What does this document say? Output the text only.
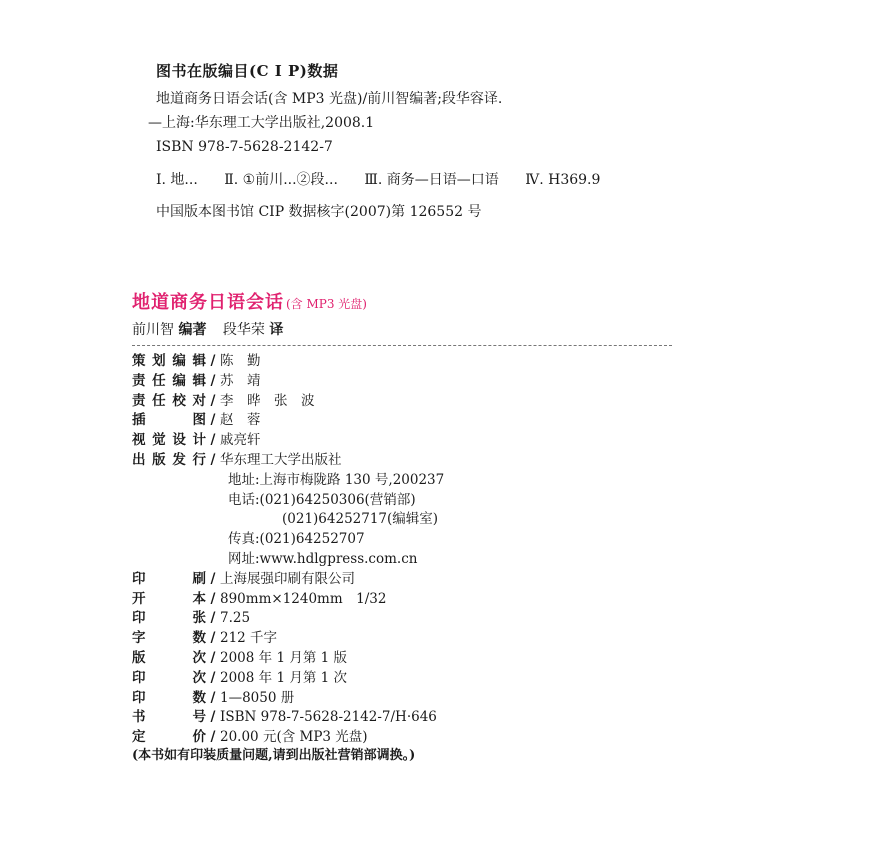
图书在版编目(C I P)数据
地道商务日语会话(含 MP3 光盘)/前川智编著;段华容译.
—上海:华东理工大学出版社,2008.1
ISBN 978-7-5628-2142-7
Ⅰ. 地... Ⅱ. ①前川...②段... Ⅲ. 商务—日语—口语 Ⅳ. H369.9
中国版本图书馆 CIP 数据核字(2007)第 126552 号
地道商务日语会话 (含 MP3 光盘)
前川智 编著 段华荣 译
策划编辑 / 陈　勤
责任编辑 / 苏　靖
责任校对 / 李　晔　张　波
插　　图 / 赵　蓉
视觉设计 / 戚亮轩
出版发行 / 华东理工大学出版社
地址:上海市梅陇路 130 号,200237
电话:(021)64250306(营销部)
(021)64252717(编辑室)
传真:(021)64252707
网址:www.hdlgpress.com.cn
印　　刷 / 上海展强印刷有限公司
开　　本 / 890mm×1240mm　1/32
印　　张 / 7.25
字　　数 / 212 千字
版　　次 / 2008 年 1 月第 1 版
印　　次 / 2008 年 1 月第 1 次
印　　数 / 1—8050 册
书　　号 / ISBN 978-7-5628-2142-7/H·646
定　　价 / 20.00 元(含 MP3 光盘)
(本书如有印装质量问题,请到出版社营销部调换。)
